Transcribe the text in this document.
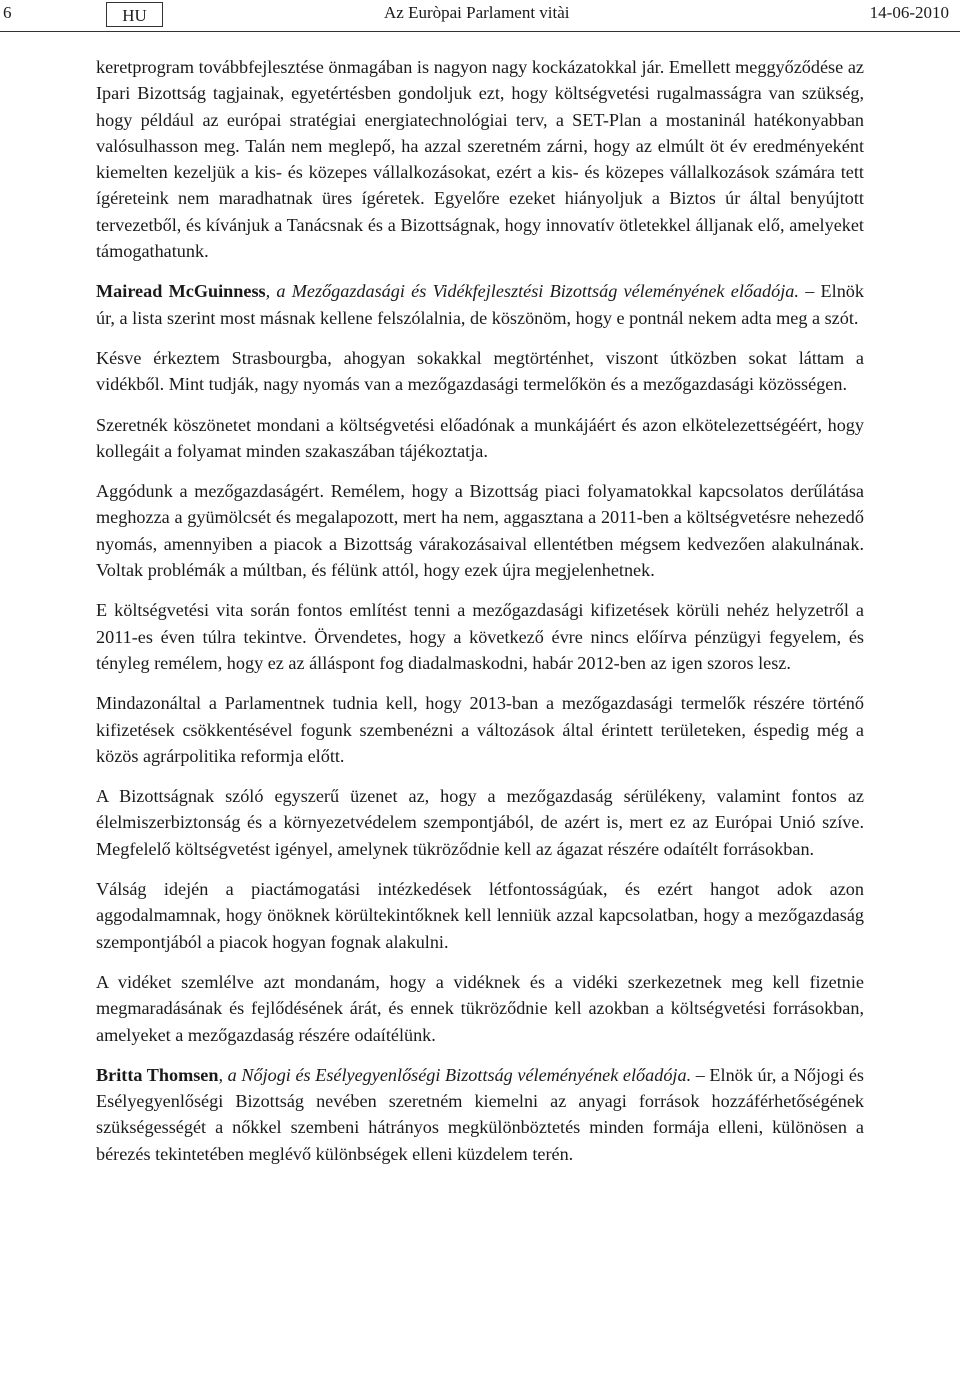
6	HU	Az Euròpai Parlament vitài	14-06-2010

keretprogram továbbfejlesztése önmagában is nagyon nagy kockázatokkal jár. Emellett meggyőződése az Ipari Bizottság tagjainak, egyetértésben gondoljuk ezt, hogy költségvetési rugalmasságra van szükség, hogy például az európai stratégiai energiatechnológiai terv, a SET-Plan a mostaninál hatékonyabban valósulhasson meg. Talán nem meglepő, ha azzal szeretném zárni, hogy az elmúlt öt év eredményeként kiemelten kezeljük a kis- és közepes vállalkozásokat, ezért a kis- és közepes vállalkozások számára tett ígéreteink nem maradhatnak üres ígéretek. Egyelőre ezeket hiányoljuk a Biztos úr által benyújtott tervezetből, és kívánjuk a Tanácsnak és a Bizottságnak, hogy innovatív ötletekkel álljanak elő, amelyeket támogathatunk.

Mairead McGuinness, a Mezőgazdasági és Vidékfejlesztési Bizottság véleményének előadója. – Elnök úr, a lista szerint most másnak kellene felszólalnia, de köszönöm, hogy e pontnál nekem adta meg a szót.

Késve érkeztem Strasbourgba, ahogyan sokakkal megtörténhet, viszont útközben sokat láttam a vidékből. Mint tudják, nagy nyomás van a mezőgazdasági termelőkön és a mezőgazdasági közösségen.

Szeretnék köszönetet mondani a költségvetési előadónak a munkájáért és azon elkötelezettségéért, hogy kollegáit a folyamat minden szakaszában tájékoztatja.

Aggódunk a mezőgazdaságért. Remélem, hogy a Bizottság piaci folyamatokkal kapcsolatos derűlátása meghozza a gyümölcsét és megalapozott, mert ha nem, aggasztana a 2011-ben a költségvetésre nehezedő nyomás, amennyiben a piacok a Bizottság várakozásaival ellentétben mégsem kedvezően alakulnának. Voltak problémák a múltban, és félünk attól, hogy ezek újra megjelenhetnek.

E költségvetési vita során fontos említést tenni a mezőgazdasági kifizetések körüli nehéz helyzetről a 2011-es éven túlra tekintve. Örvendetes, hogy a következő évre nincs előírva pénzügyi fegyelem, és tényleg remélem, hogy ez az álláspont fog diadalmaskodni, habár 2012-ben az igen szoros lesz.

Mindazonáltal a Parlamentnek tudnia kell, hogy 2013-ban a mezőgazdasági termelők részére történő kifizetések csökkentésével fogunk szembenézni a változások által érintett területeken, éspedig még a közös agrárpolitika reformja előtt.

A Bizottságnak szóló egyszerű üzenet az, hogy a mezőgazdaság sérülékeny, valamint fontos az élelmiszerbiztonság és a környezetvédelem szempontjából, de azért is, mert ez az Európai Unió szíve. Megfelelő költségvetést igényel, amelynek tükröződnie kell az ágazat részére odaítélt forrásokban.

Válság idején a piactámogatási intézkedések létfontosságúak, és ezért hangot adok azon aggodalmamnak, hogy önöknek körültekintőknek kell lenniük azzal kapcsolatban, hogy a mezőgazdaság szempontjából a piacok hogyan fognak alakulni.

A vidéket szemlélve azt mondanám, hogy a vidéknek és a vidéki szerkezetnek meg kell fizetnie megmaradásának és fejlődésének árát, és ennek tükröződnie kell azokban a költségvetési forrásokban, amelyeket a mezőgazdaság részére odaítélünk.

Britta Thomsen, a Nőjogi és Esélyegyenlőségi Bizottság véleményének előadója. – Elnök úr, a Nőjogi és Esélyegyenlőségi Bizottság nevében szeretném kiemelni az anyagi források hozzáférhetőségének szükségességét a nőkkel szembeni hátrányos megkülönböztetés minden formája elleni, különösen a bérezés tekintetében meglévő különbségek elleni küzdelem terén.
